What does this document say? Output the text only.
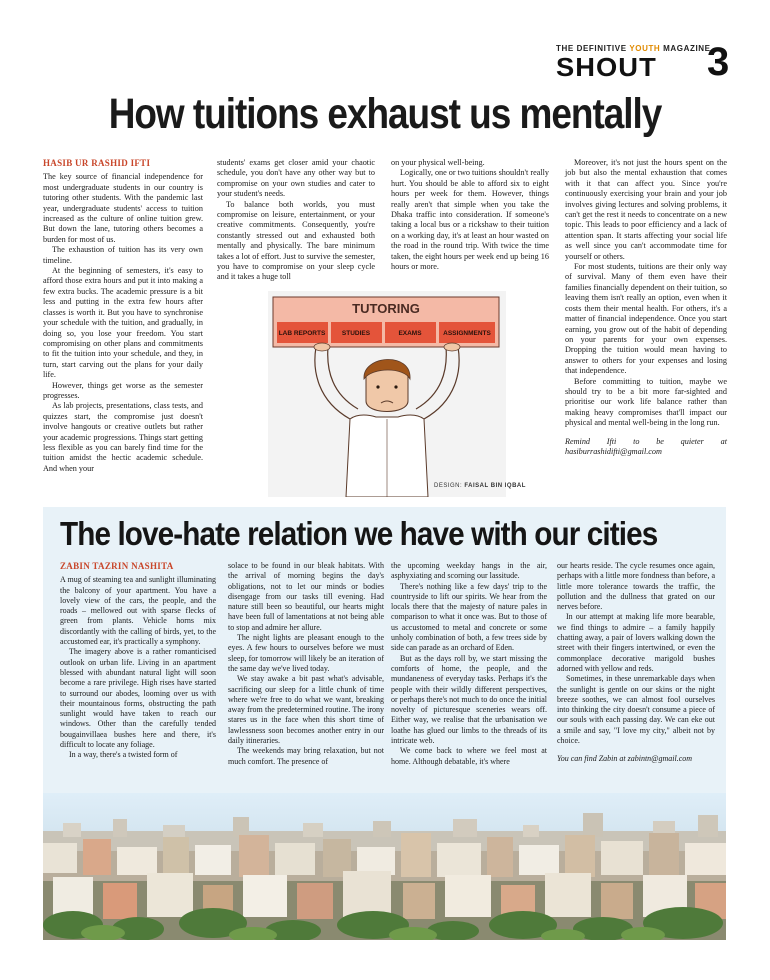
THE DEFINITIVE YOUTH MAGAZINE
SHOUT 3
How tuitions exhaust us mentally
HASIB UR RASHID IFTI

The key source of financial independence for most undergraduate students in our country is tutoring other students. With the pandemic last year, undergraduate students' access to tuition increased as the culture of online tuition grew. But down the lane, tutoring others becomes a burden for most of us.

The exhaustion of tuition has its very own timeline.

At the beginning of semesters, it's easy to afford those extra hours and put it into making a few extra bucks. The academic pressure is a bit less and putting in the extra few hours after classes is worth it. But you have to synchronise your schedule with the tuition, and gradually, in doing so, you lose your freedom. You start compromising on other plans and commitments to fit the tuition into your schedule, and they, in turn, start carving out the plans for your daily life.

However, things get worse as the semester progresses.

As lab projects, presentations, class tests, and quizzes start, the compromise just doesn't involve hangouts or creative outlets but rather your academic progressions. Things start getting less flexible as you can barely find time for the tuition amidst the hectic academic schedule. And when your

students' exams get closer amid your chaotic schedule, you don't have any other way but to compromise on your own studies and cater to your student's needs.

To balance both worlds, you must compromise on leisure, entertainment, or your creative commitments. Consequently, you're constantly stressed out and exhausted both mentally and physically. The bare minimum takes a lot of effort. Just to survive the semester, you have to compromise on your sleep cycle and it takes a huge toll

on your physical well-being.

Logically, one or two tuitions shouldn't really hurt. You should be able to afford six to eight hours per week for them. However, things really aren't that simple when you take the Dhaka traffic into consideration. If someone's taking a local bus or a rickshaw to their tuition on a working day, it's at least an hour wasted on the road in the round trip. With twice the time taken, the eight hours per week end up being 16 hours or more.

Moreover, it's not just the hours spent on the job but also the mental exhaustion that comes with it that can affect you. Since you're continuously exercising your brain and your job involves giving lectures and solving problems, it can't get the rest it needs to concentrate on a new topic. This leads to poor efficiency and a lack of attention span. It starts affecting your social life as well since you can't accommodate time for yourself or others.

For most students, tuitions are their only way of survival. Many of them even have their families financially dependent on their tuition, so leaving them isn't really an option, even when it costs them their mental health. For others, it's a matter of financial independence. Once you start earning, you grow out of the habit of depending on your parents for your own expenses. Dropping the tuition would mean having to answer to others for your expenses and losing that independence.

Before committing to tuition, maybe we should try to be a bit more far-sighted and prioritise our work life balance rather than making heavy compromises that'll impact our physical and mental well-being in the long run.

Remind Ifti to be quieter at hasiburrashidifti@gmail.com

TUTORING
LAB REPORTS	STUDIES	EXAMS	ASSIGNMENTS
DESIGN: FAISAL BIN IQBAL
The love-hate relation we have with our cities
ZABIN TAZRIN NASHITA

A mug of steaming tea and sunlight illuminating the balcony of your apartment. You have a lovely view of the cars, the people, and the roads – mellowed out with sparse flecks of green from plants. Vehicle horns mix discordantly with the calling of birds, yet, to the accustomed ear, it's practically a symphony.

The imagery above is a rather romanticised outlook on urban life. Living in an apartment blessed with abundant natural light will soon become a rare privilege. High rises have started to surround our abodes, looming over us with their mountainous forms, obstructing the path sunlight would have taken to reach our windows. Other than the carefully tended bougainvillaea bushes here and there, it's difficult to locate any foliage.

In a way, there's a twisted form of

solace to be found in our bleak habitats. With the arrival of morning begins the day's obligations, not to let our minds or bodies disengage from our tasks till evening. Had nature still been so beautiful, our hearts might have been full of lamentations at not being able to stop and admire her allure.

The night lights are pleasant enough to the eyes. A few hours to ourselves before we must sleep, for tomorrow will likely be an iteration of the same day we've lived today.

We stay awake a bit past what's advisable, sacrificing our sleep for a little chunk of time where we're free to do what we want, breaking away from the predetermined routine. The irony stares us in the face when this short time of lawlessness soon becomes another entry in our daily itineraries.

The weekends may bring relaxation, but not much comfort. The presence of

the upcoming weekday hangs in the air, asphyxiating and scorning our lassitude.

There's nothing like a few days' trip to the countryside to lift our spirits. We hear from the locals there that the majesty of nature pales in comparison to what it once was. But to those of us accustomed to metal and concrete or some unholy combination of both, a few trees side by side can parade as an orchard of Eden.

But as the days roll by, we start missing the comforts of home, the people, and the mundaneness of everyday tasks. Perhaps it's the people with their wildly different perspectives, or perhaps there's not much to do once the initial novelty of picturesque sceneries wears off. Either way, we realise that the urbanisation we loathe has glued our limbs to the threads of its intricate web.

We come back to where we feel most at home. Although debatable, it's where

our hearts reside. The cycle resumes once again, perhaps with a little more fondness than before, a little more tolerance towards the traffic, the pollution and the dullness that grated on our nerves before.

In our attempt at making life more bearable, we find things to admire – a family happily chatting away, a pair of lovers walking down the street with their fingers intertwined, or even the commonplace decorative marigold bushes adorned with yellow and reds.

Sometimes, in these unremarkable days when the sunlight is gentle on our skins or the night breeze soothes, we can almost fool ourselves into thinking the city doesn't consume a piece of our souls with each passing day. We can eke out a smile and say, "I love my city," albeit not by choice.

You can find Zabin at zabintn@gmail.com
